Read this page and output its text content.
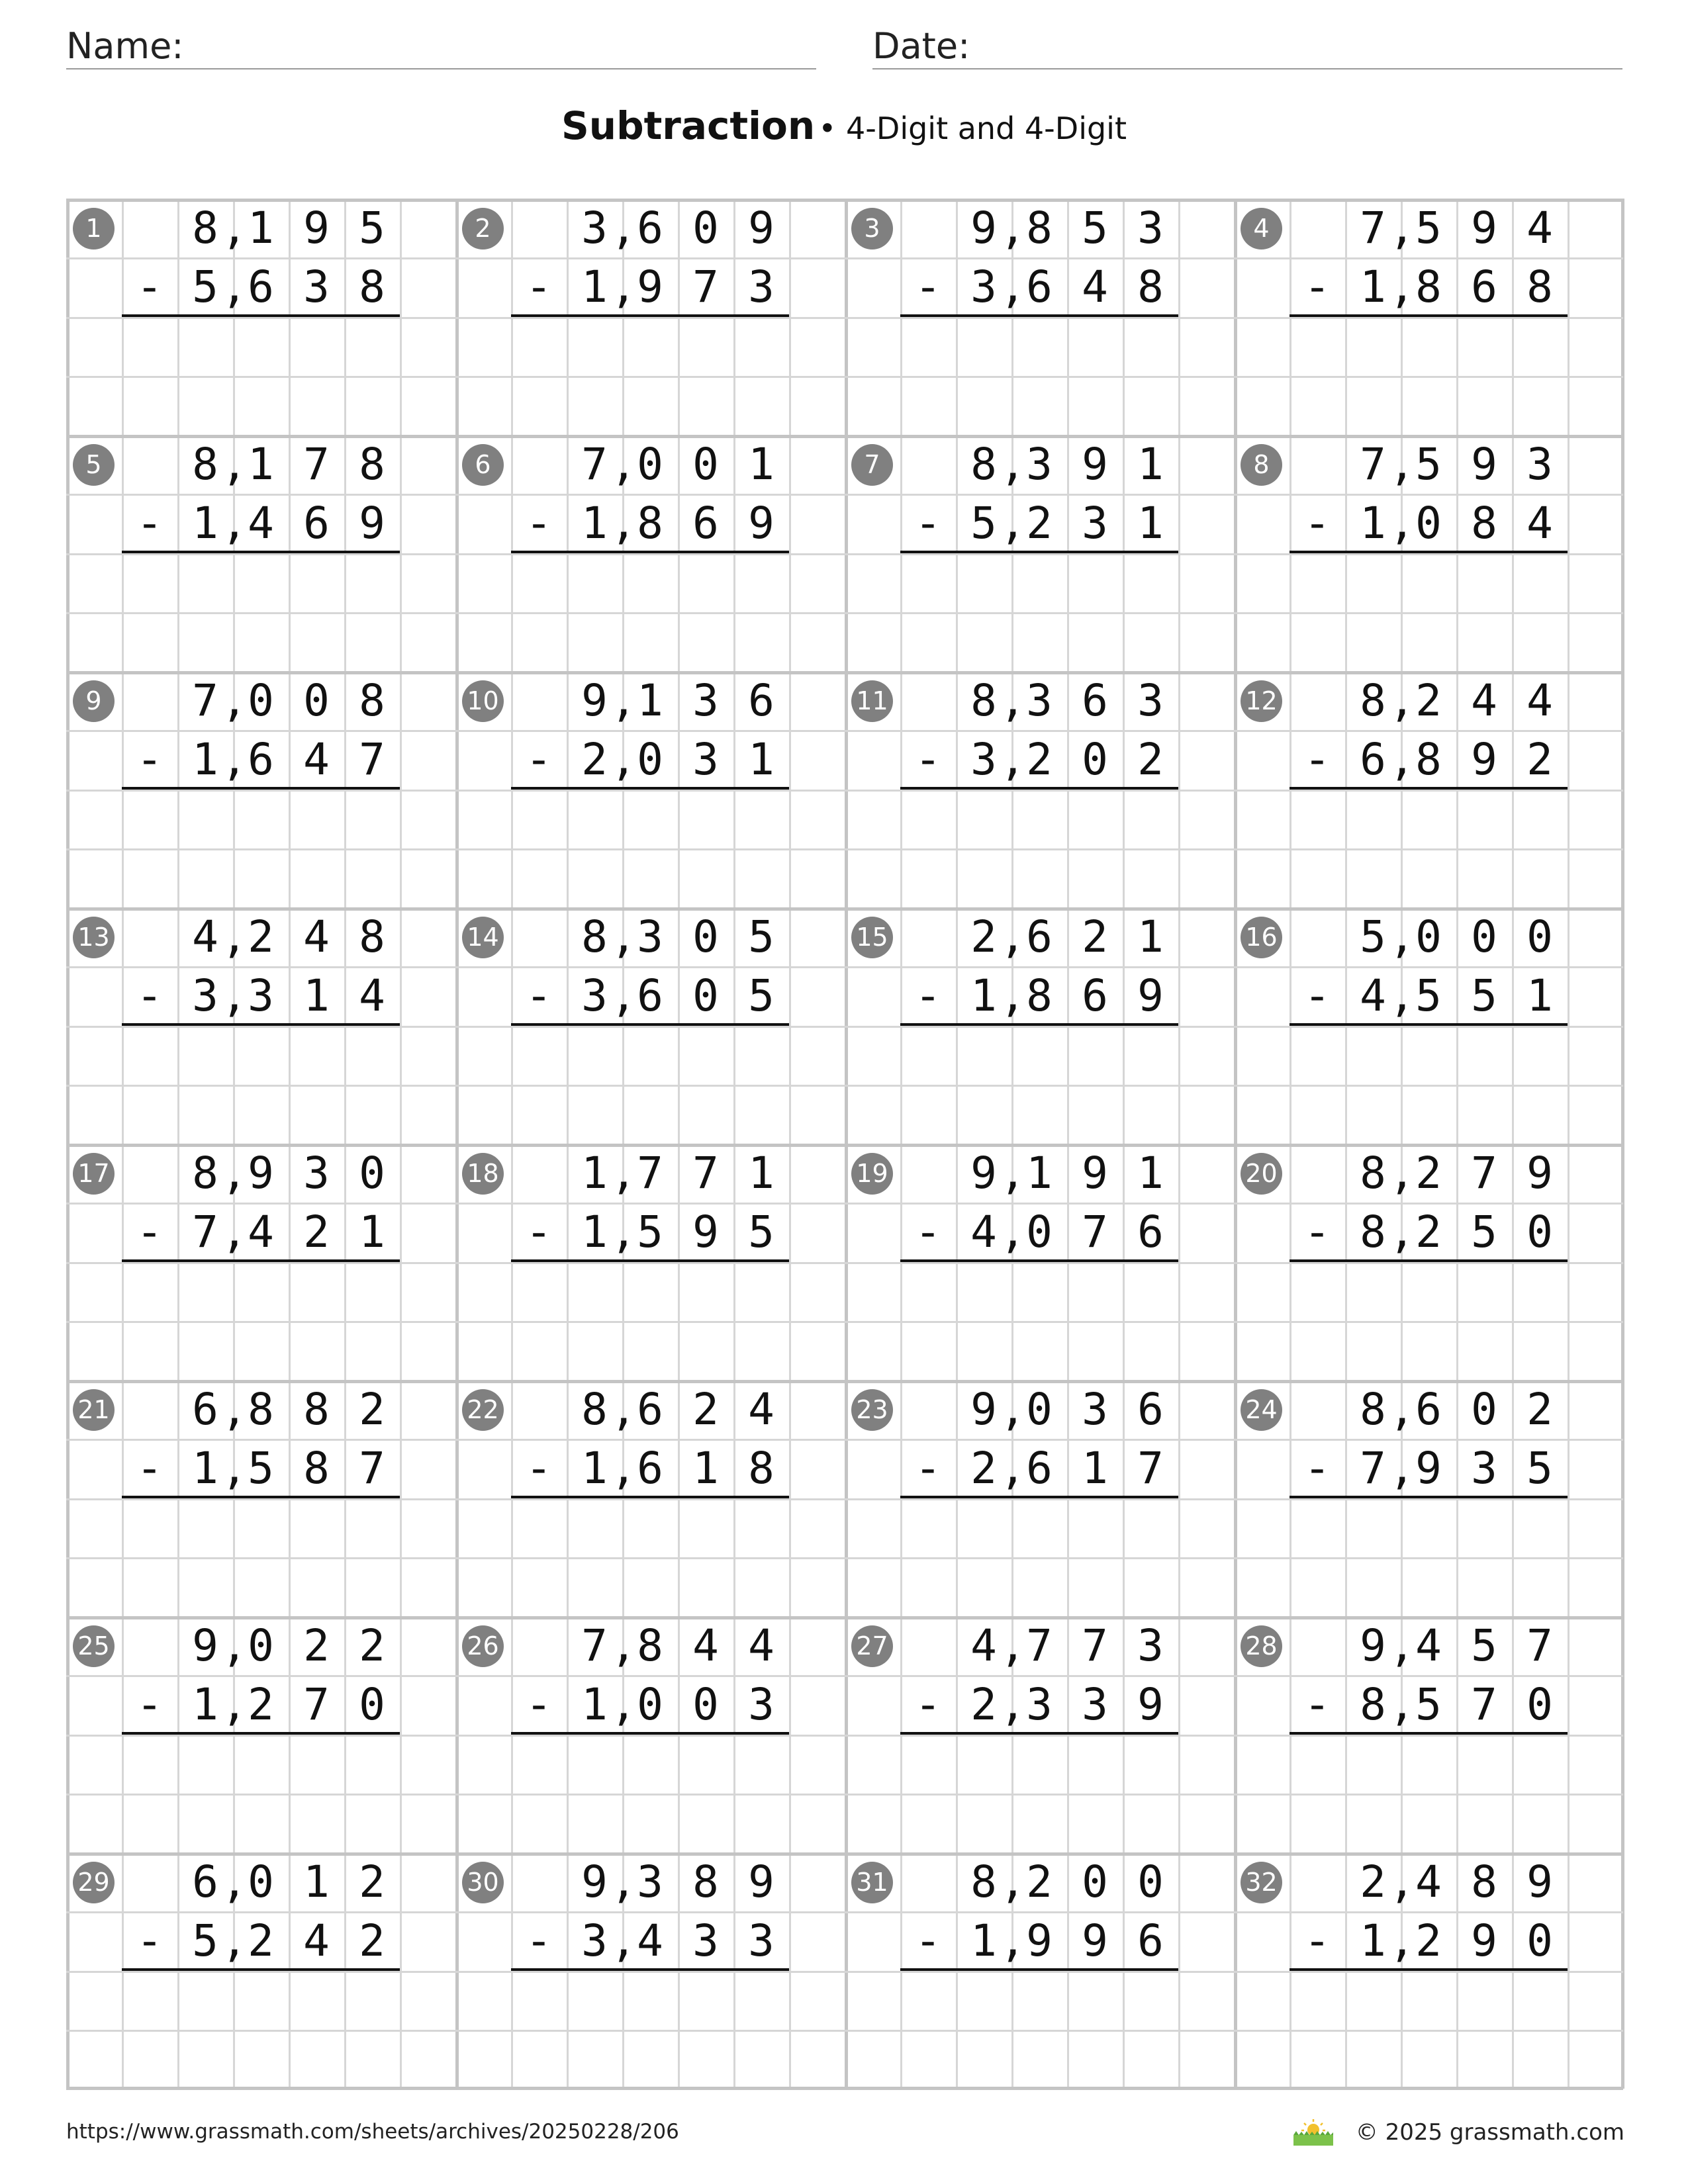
Name:	Date:
Subtraction • 4-Digit and 4-Digit
1	8 1 9 5
,
5 6 3 8
,
-
2	3 6 0 9
,
1 9 7 3
,
-
3	9 8 5 3
,
3 6 4 8
,
-
4	7 5 9 4
,
1 8 6 8
,
-
5	8 1 7 8
,
1 4 6 9
,
-
6	7 0 0 1
,
1 8 6 9
,
-
7	8 3 9 1
,
5 2 3 1
,
-
8	7 5 9 3
,
1 0 8 4
,
-
9	7 0 0 8
,
1 6 4 7
,
-
10	9 1 3 6
,
2 0 3 1
,
-
11	8 3 6 3
,
3 2 0 2
,
-
12	8 2 4 4
,
6 8 9 2
,
-
13	4 2 4 8
,
3 3 1 4
,
-
14	8 3 0 5
,
3 6 0 5
,
-
15	2 6 2 1
,
1 8 6 9
,
-
16	5 0 0 0
,
4 5 5 1
,
-
17	8 9 3 0
,
7 4 2 1
,
-
18	1 7 7 1
,
1 5 9 5
,
-
19	9 1 9 1
,
4 0 7 6
,
-
20	8 2 7 9
,
8 2 5 0
,
-
21	6 8 8 2
,
1 5 8 7
,
-
22	8 6 2 4
,
1 6 1 8
,
-
23	9 0 3 6
,
2 6 1 7
,
-
24	8 6 0 2
,
7 9 3 5
,
-
25	9 0 2 2
,
1 2 7 0
,
-
26	7 8 4 4
,
1 0 0 3
,
-
27	4 7 7 3
,
2 3 3 9
,
-
28	9 4 5 7
,
8 5 7 0
,
-
29	6 0 1 2
,
5 2 4 2
,
-
30	9 3 8 9
,
3 4 3 3
,
-
31	8 2 0 0
,
1 9 9 6
,
-
32	2 4 8 9
,
1 2 9 0
,
-
https://www.grassmath.com/sheets/archives/20250228/206	© 2025 grassmath.com
